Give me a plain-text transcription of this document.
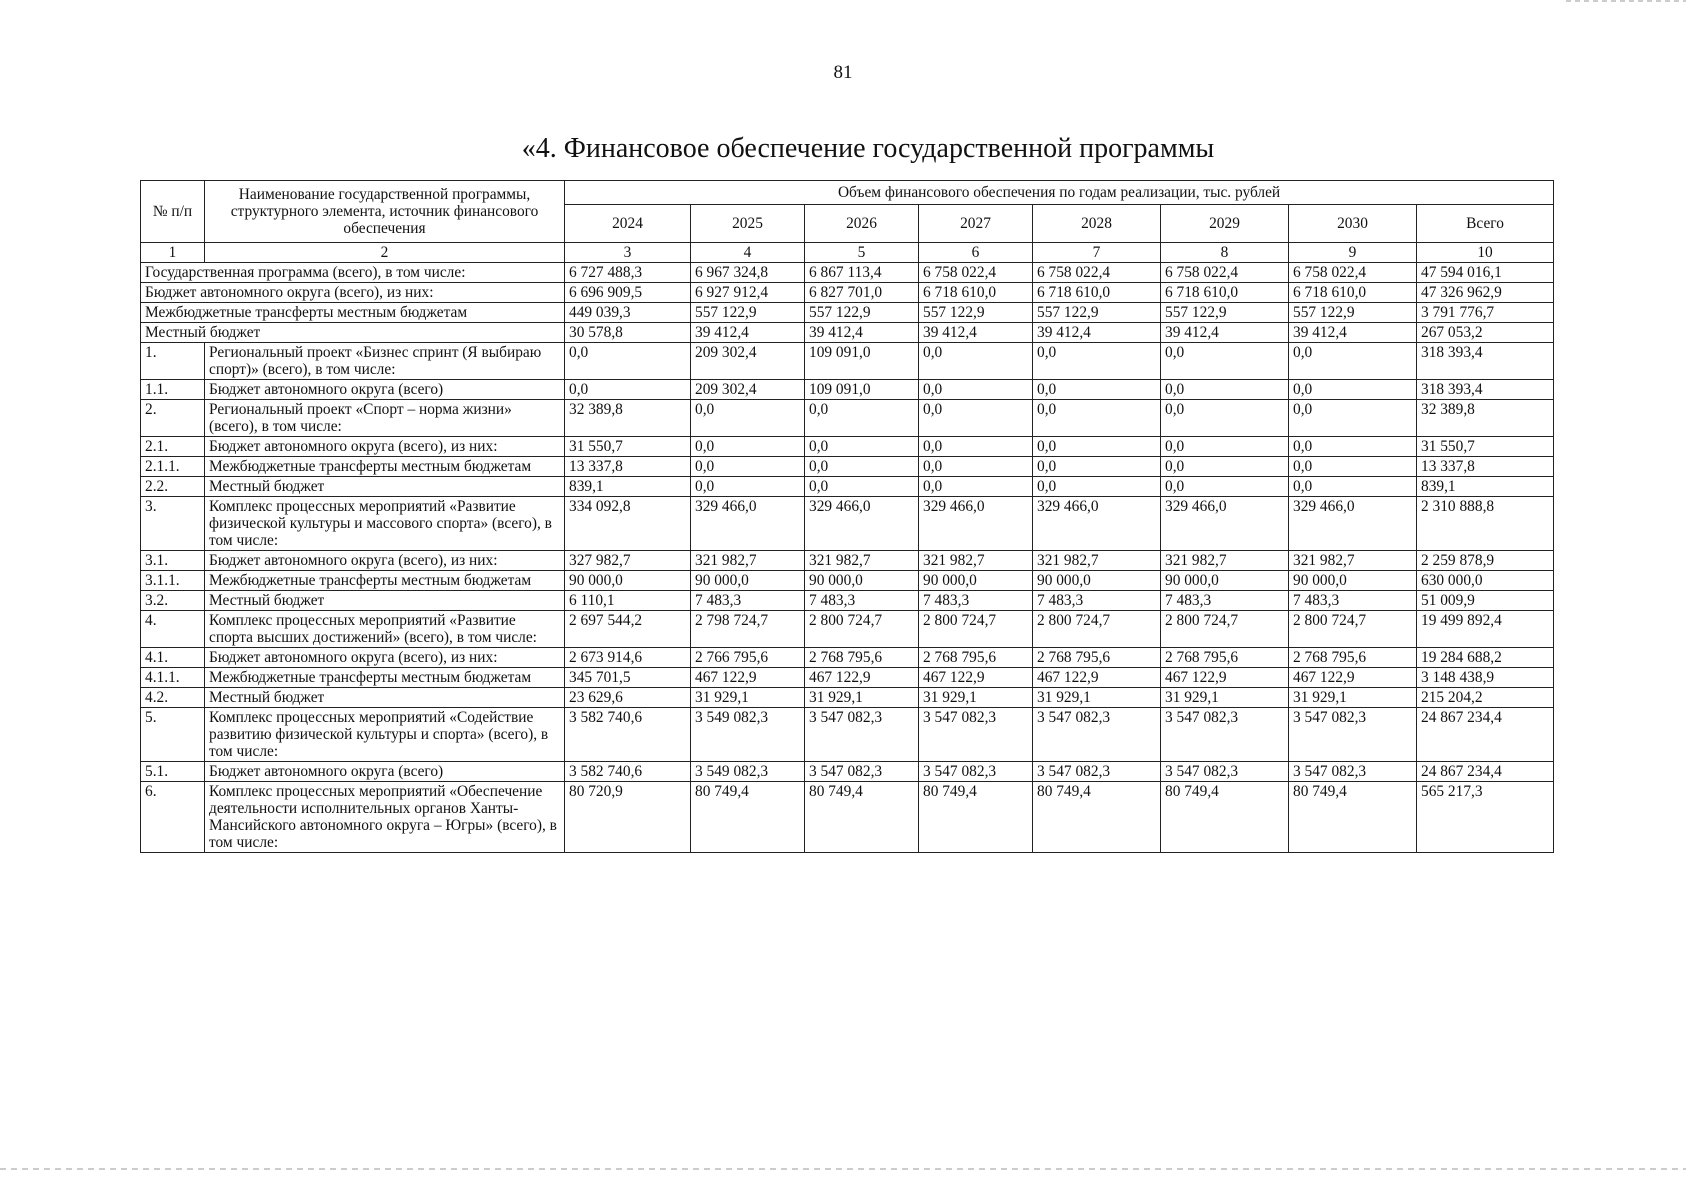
81
«4. Финансовое обеспечение государственной программы
№ п/п	Наименование государственной программы, структурного элемента, источник финансового обеспечения	Объем финансового обеспечения по годам реализации, тыс. рублей							
		2024	2025	2026	2027	2028	2029	2030	Всего
1	2	3	4	5	6	7	8	9	10
Государственная программа (всего), в том числе:		6 727 488,3	6 967 324,8	6 867 113,4	6 758 022,4	6 758 022,4	6 758 022,4	6 758 022,4	47 594 016,1
Бюджет автономного округа (всего), из них:		6 696 909,5	6 927 912,4	6 827 701,0	6 718 610,0	6 718 610,0	6 718 610,0	6 718 610,0	47 326 962,9
Межбюджетные трансферты местным бюджетам		449 039,3	557 122,9	557 122,9	557 122,9	557 122,9	557 122,9	557 122,9	3 791 776,7
Местный бюджет		30 578,8	39 412,4	39 412,4	39 412,4	39 412,4	39 412,4	39 412,4	267 053,2
1.	Региональный проект «Бизнес спринт (Я выбираю спорт)» (всего), в том числе:	0,0	209 302,4	109 091,0	0,0	0,0	0,0	0,0	318 393,4
1.1.	Бюджет автономного округа (всего)	0,0	209 302,4	109 091,0	0,0	0,0	0,0	0,0	318 393,4
2.	Региональный проект «Спорт – норма жизни» (всего), в том числе:	32 389,8	0,0	0,0	0,0	0,0	0,0	0,0	32 389,8
2.1.	Бюджет автономного округа (всего), из них:	31 550,7	0,0	0,0	0,0	0,0	0,0	0,0	31 550,7
2.1.1.	Межбюджетные трансферты местным бюджетам	13 337,8	0,0	0,0	0,0	0,0	0,0	0,0	13 337,8
2.2.	Местный бюджет	839,1	0,0	0,0	0,0	0,0	0,0	0,0	839,1
3.	Комплекс процессных мероприятий «Развитие физической культуры и массового спорта» (всего), в том числе:	334 092,8	329 466,0	329 466,0	329 466,0	329 466,0	329 466,0	329 466,0	2 310 888,8
3.1.	Бюджет автономного округа (всего), из них:	327 982,7	321 982,7	321 982,7	321 982,7	321 982,7	321 982,7	321 982,7	2 259 878,9
3.1.1.	Межбюджетные трансферты местным бюджетам	90 000,0	90 000,0	90 000,0	90 000,0	90 000,0	90 000,0	90 000,0	630 000,0
3.2.	Местный бюджет	6 110,1	7 483,3	7 483,3	7 483,3	7 483,3	7 483,3	7 483,3	51 009,9
4.	Комплекс процессных мероприятий «Развитие спорта высших достижений» (всего), в том числе:	2 697 544,2	2 798 724,7	2 800 724,7	2 800 724,7	2 800 724,7	2 800 724,7	2 800 724,7	19 499 892,4
4.1.	Бюджет автономного округа (всего), из них:	2 673 914,6	2 766 795,6	2 768 795,6	2 768 795,6	2 768 795,6	2 768 795,6	2 768 795,6	19 284 688,2
4.1.1.	Межбюджетные трансферты местным бюджетам	345 701,5	467 122,9	467 122,9	467 122,9	467 122,9	467 122,9	467 122,9	3 148 438,9
4.2.	Местный бюджет	23 629,6	31 929,1	31 929,1	31 929,1	31 929,1	31 929,1	31 929,1	215 204,2
5.	Комплекс процессных мероприятий «Содействие развитию физической культуры и спорта» (всего), в том числе:	3 582 740,6	3 549 082,3	3 547 082,3	3 547 082,3	3 547 082,3	3 547 082,3	3 547 082,3	24 867 234,4
5.1.	Бюджет автономного округа (всего)	3 582 740,6	3 549 082,3	3 547 082,3	3 547 082,3	3 547 082,3	3 547 082,3	3 547 082,3	24 867 234,4
6.	Комплекс процессных мероприятий «Обеспечение деятельности исполнительных органов Ханты-Мансийского автономного округа – Югры» (всего), в том числе:	80 720,9	80 749,4	80 749,4	80 749,4	80 749,4	80 749,4	80 749,4	565 217,3
